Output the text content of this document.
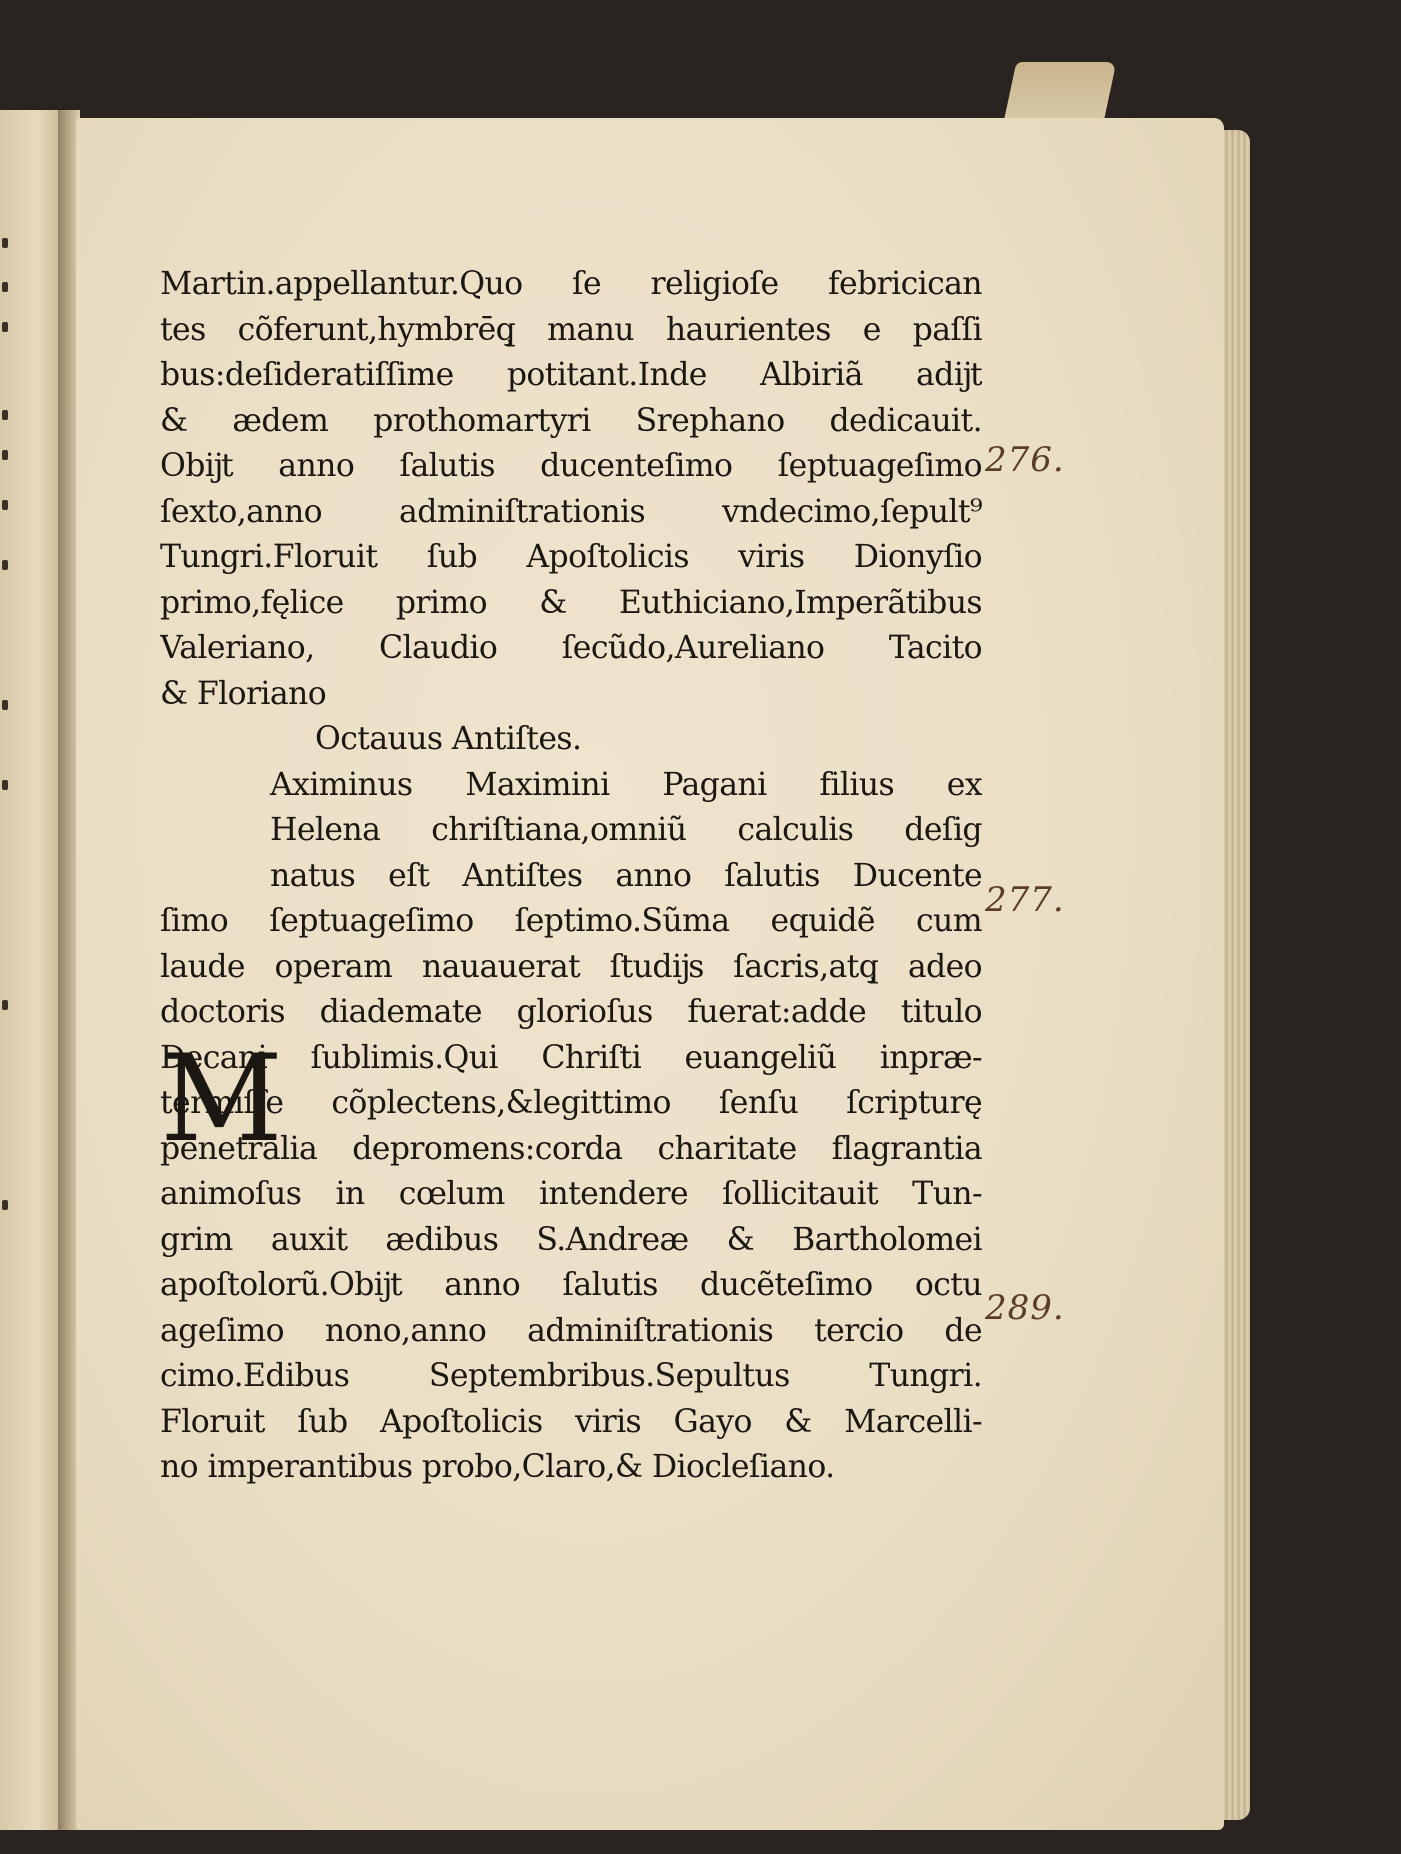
Martin.appellantur.Quo ſe religioſe febricican
tes cõferunt,hymbrēq̧ manu haurientes e paſſi
bus:deſideratiſſime potitant.Inde Albiriã adĳt
& ædem prothomartyri Srephano dedicauit.
Obĳt anno ſalutis ducenteſimo ſeptuageſimo
ſexto,anno adminiſtrationis vndecimo,ſepult⁹
Tungri.Floruit ſub Apoſtolicis viris Dionyſio
primo,fęlice primo & Euthiciano,Imperãtibus
Valeriano, Claudio ſecũdo,Aureliano Tacito
& Floriano
Octauus Antiſtes.
Aximinus Maximini Pagani filius ex
Helena chriſtiana,omniũ calculis deſig
natus eſt Antiſtes anno ſalutis Ducente
ſimo ſeptuageſimo ſeptimo.Sũma equidẽ cum
laude operam nauauerat ſtudĳs ſacris,atq̧ adeo
doctoris diademate glorioſus fuerat:adde titulo
Decani ſublimis.Qui Chriſti euangeliũ inpræ-
termiſſe cõplectens,&legittimo ſenſu ſcripturę
penetralia depromens:corda charitate flagrantia
animoſus in cœlum intendere ſollicitauit Tun-
grim auxit ædibus S.Andreæ & Bartholomei
apoſtolorũ.Obĳt anno ſalutis ducẽteſimo octu
ageſimo nono,anno adminiſtrationis tercio de
cimo.Edibus Septembribus.Sepultus Tungri.
Floruit ſub Apoſtolicis viris Gayo & Marcelli-
no imperantibus probo,Claro,& Diocleſiano.
M
276.
277.
289.
